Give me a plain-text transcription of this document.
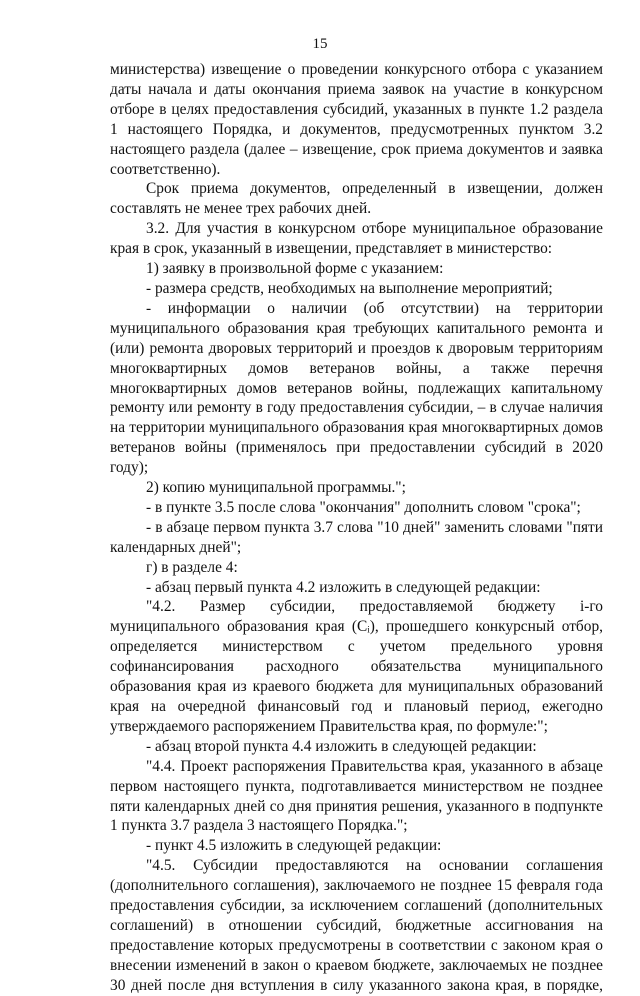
15

министерства) извещение о проведении конкурсного отбора с указанием даты начала и даты окончания приема заявок на участие в конкурсном отборе в целях предоставления субсидий, указанных в пункте 1.2 раздела 1 настоящего Порядка, и документов, предусмотренных пунктом 3.2 настоящего раздела (далее – извещение, срок приема документов и заявка соответственно).

Срок приема документов, определенный в извещении, должен составлять не менее трех рабочих дней.

3.2. Для участия в конкурсном отборе муниципальное образование края в срок, указанный в извещении, представляет в министерство:

1) заявку в произвольной форме с указанием:

- размера средств, необходимых на выполнение мероприятий;

- информации о наличии (об отсутствии) на территории муниципального образования края требующих капитального ремонта и (или) ремонта дворовых территорий и проездов к дворовым территориям многоквартирных домов ветеранов войны, а также перечня многоквартирных домов ветеранов войны, подлежащих капитальному ремонту или ремонту в году предоставления субсидии, – в случае наличия на территории муниципального образования края многоквартирных домов ветеранов войны (применялось при предоставлении субсидий в 2020 году);

2) копию муниципальной программы.";

- в пункте 3.5 после слова "окончания" дополнить словом "срока";

- в абзаце первом пункта 3.7 слова "10 дней" заменить словами "пяти календарных дней";

г) в разделе 4:

- абзац первый пункта 4.2 изложить в следующей редакции:

"4.2. Размер субсидии, предоставляемой бюджету i-го муниципального образования края (Cᵢ), прошедшего конкурсный отбор, определяется министерством с учетом предельного уровня софинансирования расходного обязательства муниципального образования края из краевого бюджета для муниципальных образований края на очередной финансовый год и плановый период, ежегодно утверждаемого распоряжением Правительства края, по формуле:";

- абзац второй пункта 4.4 изложить в следующей редакции:

"4.4. Проект распоряжения Правительства края, указанного в абзаце первом настоящего пункта, подготавливается министерством не позднее пяти календарных дней со дня принятия решения, указанного в подпункте 1 пункта 3.7 раздела 3 настоящего Порядка.";

- пункт 4.5 изложить в следующей редакции:

"4.5. Субсидии предоставляются на основании соглашения (дополнительного соглашения), заключаемого не позднее 15 февраля года предоставления субсидии, за исключением соглашений (дополнительных соглашений) в отношении субсидий, бюджетные ассигнования на предоставление которых предусмотрены в соответствии с законом края о внесении изменений в закон о краевом бюджете, заключаемых не позднее 30 дней после дня вступления в силу указанного закона края, в порядке,
